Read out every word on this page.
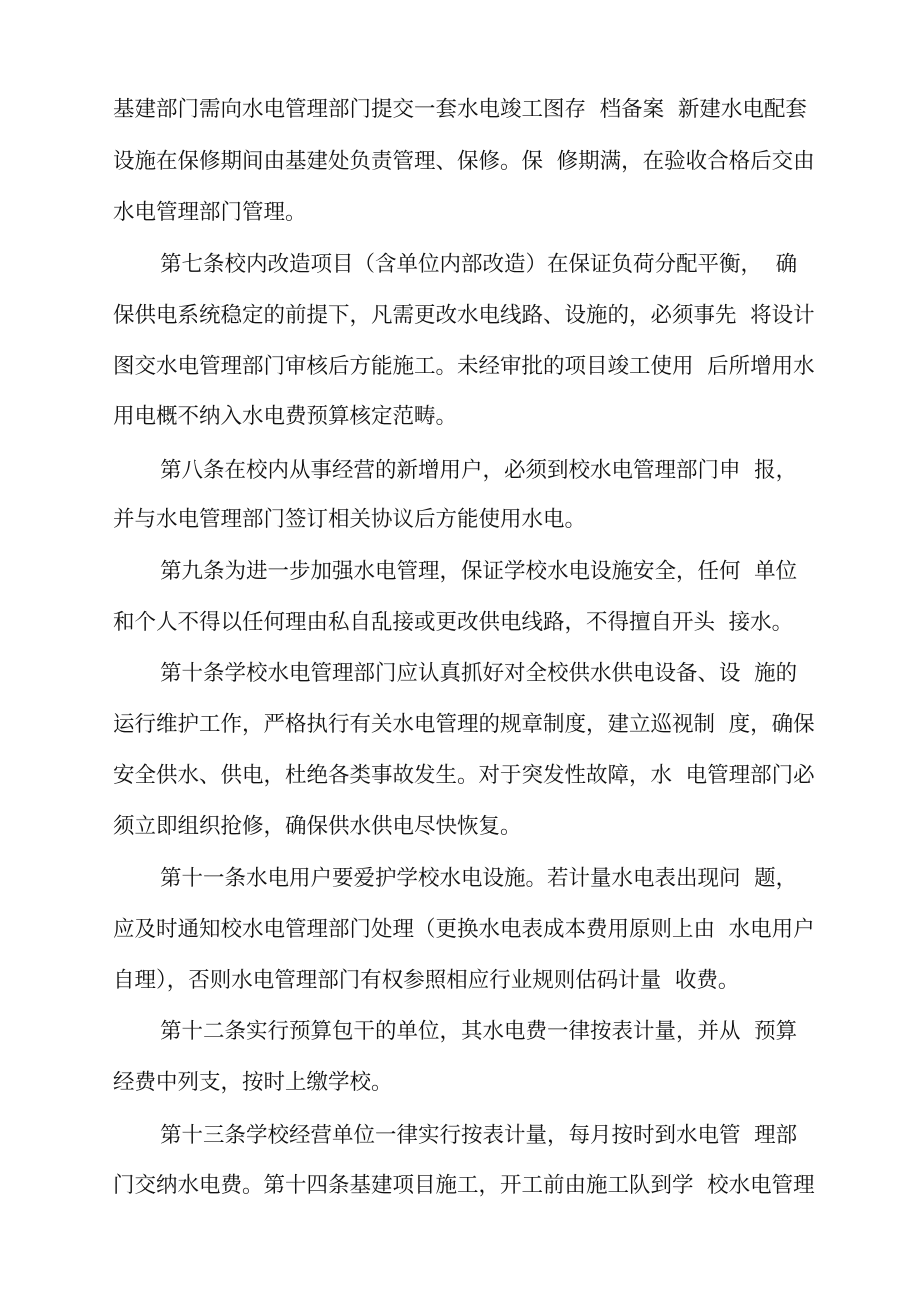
基建部门需向水电管理部门提交一套水电竣工图存  档备案  新建水电配套
设施在保修期间由基建处负责管理、保修。保  修期满，在验收合格后交由
水电管理部门管理。
第七条校内改造项目（含单位内部改造）在保证负荷分配平衡，  确
保供电系统稳定的前提下，凡需更改水电线路、设施的，必须事先  将设计
图交水电管理部门审核后方能施工。未经审批的项目竣工使用  后所增用水
用电概不纳入水电费预算核定范畴。
第八条在校内从事经营的新增用户，必须到校水电管理部门申  报，
并与水电管理部门签订相关协议后方能使用水电。
第九条为进一步加强水电管理，保证学校水电设施安全，任何  单位
和个人不得以任何理由私自乱接或更改供电线路，不得擅自开头  接水。
第十条学校水电管理部门应认真抓好对全校供水供电设备、设  施的
运行维护工作，严格执行有关水电管理的规章制度，建立巡视制  度，确保
安全供水、供电，杜绝各类事故发生。对于突发性故障，水  电管理部门必
须立即组织抢修，确保供水供电尽快恢复。
第十一条水电用户要爱护学校水电设施。若计量水电表出现问  题，
应及时通知校水电管理部门处理（更换水电表成本费用原则上由  水电用户
自理），否则水电管理部门有权参照相应行业规则估码计量  收费。
第十二条实行预算包干的单位，其水电费一律按表计量，并从  预算
经费中列支，按时上缴学校。
第十三条学校经营单位一律实行按表计量，每月按时到水电管  理部
门交纳水电费。第十四条基建项目施工，开工前由施工队到学  校水电管理
